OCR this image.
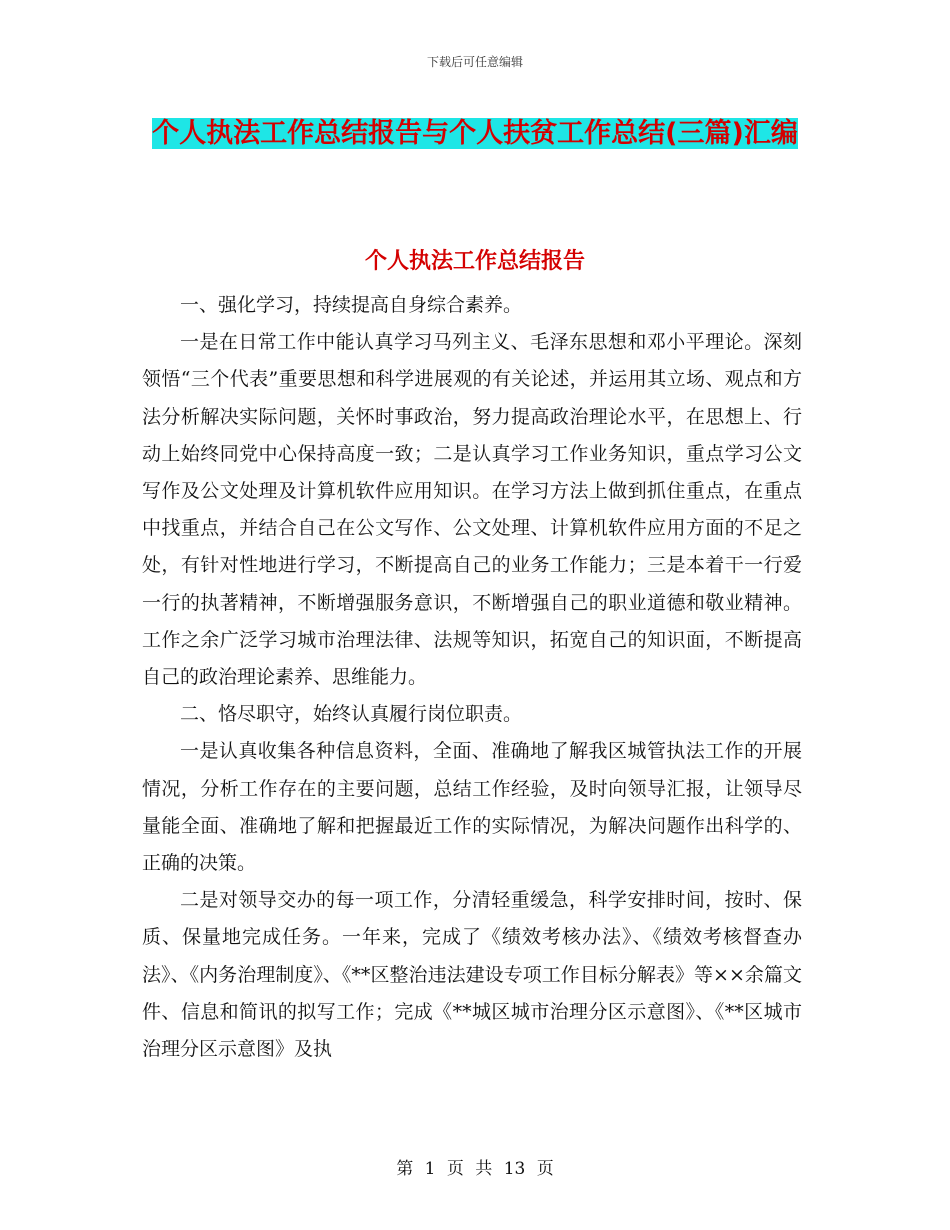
下载后可任意编辑
个人执法工作总结报告与个人扶贫工作总结(三篇)汇编
个人执法工作总结报告

一、强化学习，持续提高自身综合素养。

一是在日常工作中能认真学习马列主义、毛泽东思想和邓小平理论。深刻领悟“三个代表”重要思想和科学进展观的有关论述，并运用其立场、观点和方法分析解决实际问题，关怀时事政治，努力提高政治理论水平，在思想上、行动上始终同党中心保持高度一致；二是认真学习工作业务知识，重点学习公文写作及公文处理及计算机软件应用知识。在学习方法上做到抓住重点，在重点中找重点，并结合自己在公文写作、公文处理、计算机软件应用方面的不足之处，有针对性地进行学习，不断提高自己的业务工作能力；三是本着干一行爱一行的执著精神，不断增强服务意识，不断增强自己的职业道德和敬业精神。工作之余广泛学习城市治理法律、法规等知识，拓宽自己的知识面，不断提高自己的政治理论素养、思维能力。

二、恪尽职守，始终认真履行岗位职责。

一是认真收集各种信息资料，全面、准确地了解我区城管执法工作的开展情况，分析工作存在的主要问题，总结工作经验，及时向领导汇报，让领导尽量能全面、准确地了解和把握最近工作的实际情况，为解决问题作出科学的、正确的决策。

二是对领导交办的每一项工作，分清轻重缓急，科学安排时间，按时、保质、保量地完成任务。一年来，完成了《绩效考核办法》、《绩效考核督查办法》、《内务治理制度》、《**区整治违法建设专项工作目标分解表》等××余篇文件、信息和简讯的拟写工作；完成《**城区城市治理分区示意图》、《**区城市治理分区示意图》及执

第 1 页 共 13 页
